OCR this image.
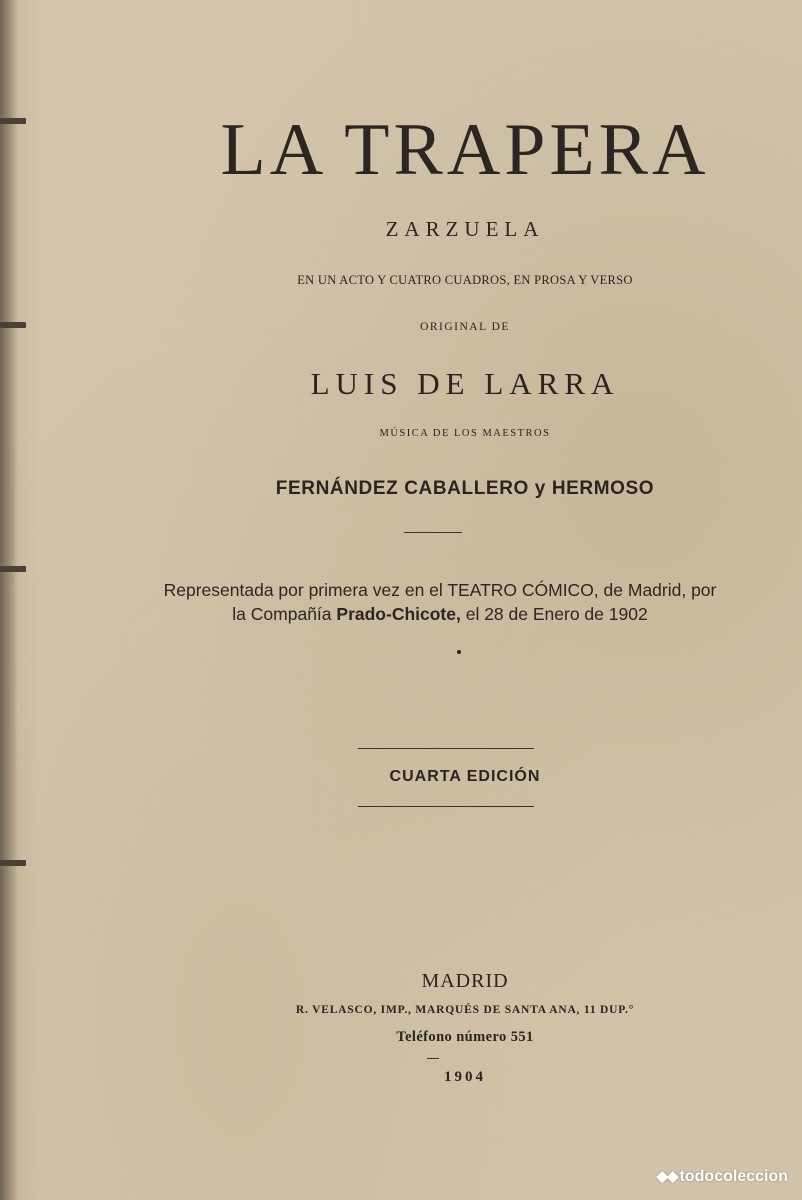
LA TRAPERA
ZARZUELA
EN UN ACTO Y CUATRO CUADROS, EN PROSA Y VERSO
ORIGINAL DE
LUIS DE LARRA
MÚSICA DE LOS MAESTROS
FERNÁNDEZ CABALLERO y HERMOSO
Representada por primera vez en el TEATRO CÓMICO, de Madrid, por
la Compañía Prado-Chicote, el 28 de Enero de 1902
CUARTA EDICIÓN
MADRID
R. VELASCO, IMP., MARQUÉS DE SANTA ANA, 11 DUP.°
Teléfono número 551
1904
◆◆ todocoleccion
